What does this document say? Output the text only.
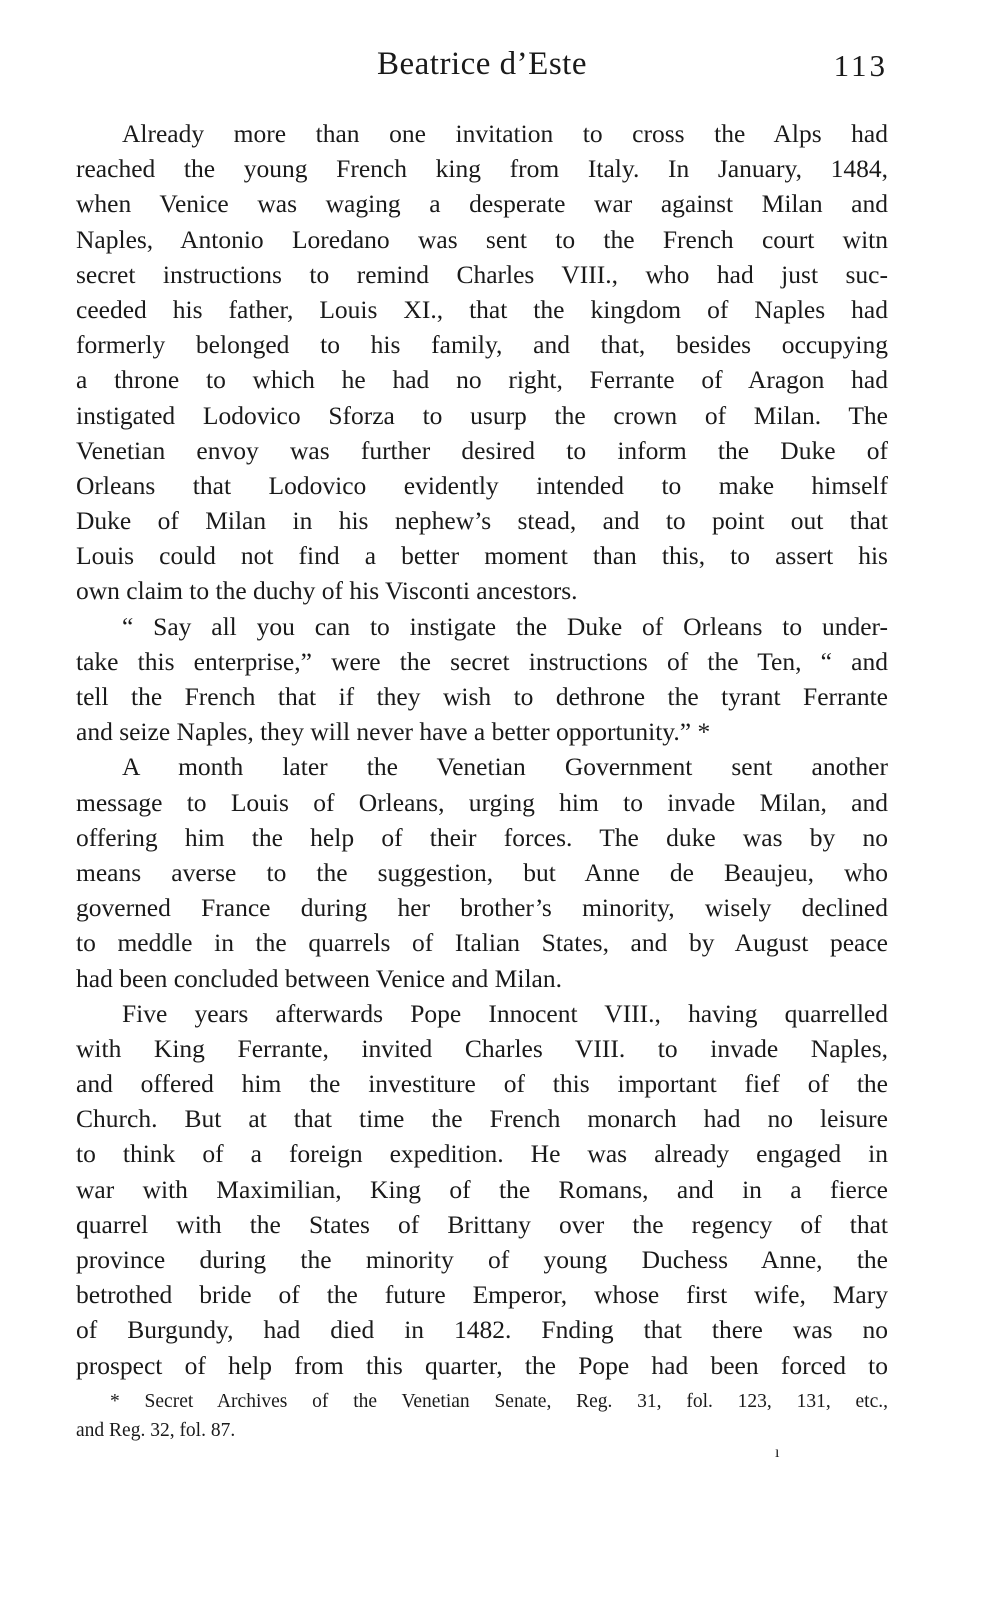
Beatrice d’Este	113
Already more than one invitation to cross the Alps had
reached the young French king from Italy. In January, 1484,
when Venice was waging a desperate war against Milan and
Naples, Antonio Loredano was sent to the French court witn
secret instructions to remind Charles VIII., who had just suc-
ceeded his father, Louis XI., that the kingdom of Naples had
formerly belonged to his family, and that, besides occupying
a throne to which he had no right, Ferrante of Aragon had
instigated Lodovico Sforza to usurp the crown of Milan. The
Venetian envoy was further desired to inform the Duke of
Orleans that Lodovico evidently intended to make himself
Duke of Milan in his nephew’s stead, and to point out that
Louis could not find a better moment than this, to assert his
own claim to the duchy of his Visconti ancestors.
“ Say all you can to instigate the Duke of Orleans to under-
take this enterprise,” were the secret instructions of the Ten, “ and
tell the French that if they wish to dethrone the tyrant Ferrante
and seize Naples, they will never have a better opportunity.” *
A month later the Venetian Government sent another
message to Louis of Orleans, urging him to invade Milan, and
offering him the help of their forces. The duke was by no
means averse to the suggestion, but Anne de Beaujeu, who
governed France during her brother’s minority, wisely declined
to meddle in the quarrels of Italian States, and by August peace
had been concluded between Venice and Milan.
Five years afterwards Pope Innocent VIII., having quarrelled
with King Ferrante, invited Charles VIII. to invade Naples,
and offered him the investiture of this important fief of the
Church. But at that time the French monarch had no leisure
to think of a foreign expedition. He was already engaged in
war with Maximilian, King of the Romans, and in a fierce
quarrel with the States of Brittany over the regency of that
province during the minority of young Duchess Anne, the
betrothed bride of the future Emperor, whose first wife, Mary
of Burgundy, had died in 1482. Fnding that there was no
prospect of help from this quarter, the Pope had been forced to
* Secret Archives of the Venetian Senate, Reg. 31, fol. 123, 131, etc.,
and Reg. 32, fol. 87.
ı
